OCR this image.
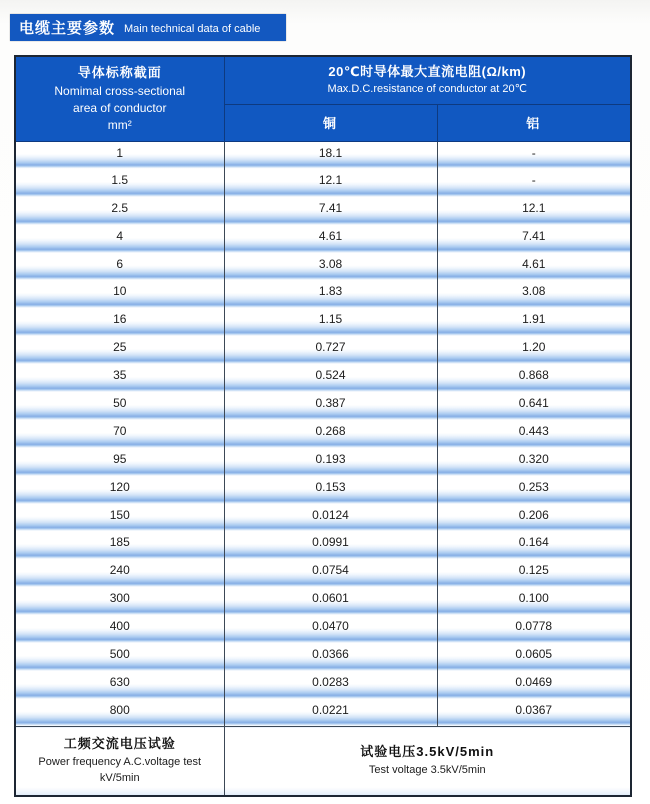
电缆主要参数 Main technical data of cable
导体标称截面
Nomimal cross-sectional
area of conductor
mm²

20℃时导体最大直流电阻(Ω/km)
Max.D.C.resistance of conductor at 20℃

	铜	铝
1	18.1	-
1.5	12.1	-
2.5	7.41	12.1
4	4.61	7.41
6	3.08	4.61
10	1.83	3.08
16	1.15	1.91
25	0.727	1.20
35	0.524	0.868
50	0.387	0.641
70	0.268	0.443
95	0.193	0.320
120	0.153	0.253
150	0.0124	0.206
185	0.0991	0.164
240	0.0754	0.125
300	0.0601	0.100
400	0.0470	0.0778
500	0.0366	0.0605
630	0.0283	0.0469
800	0.0221	0.0367

工频交流电压试验
Power frequency A.C.voltage test
kV/5min

试验电压3.5kV/5min
Test voltage 3.5kV/5min
